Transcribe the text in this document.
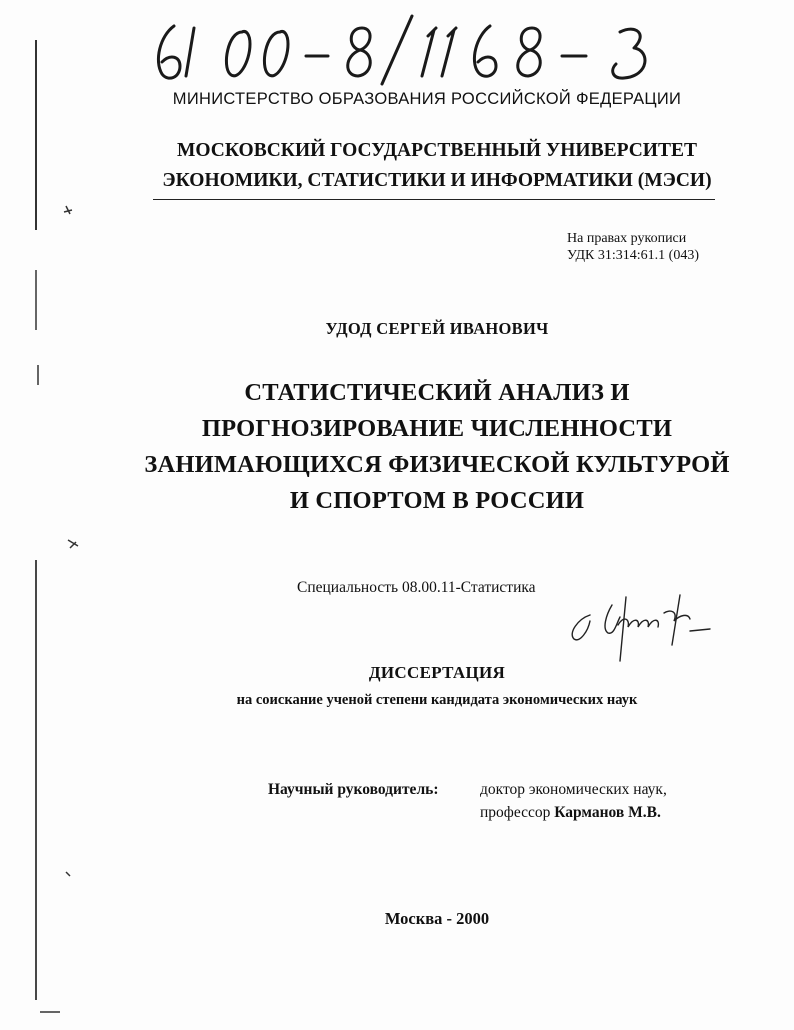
МИНИСТЕРСТВО ОБРАЗОВАНИЯ РОССИЙСКОЙ ФЕДЕРАЦИИ
МОСКОВСКИЙ ГОСУДАРСТВЕННЫЙ УНИВЕРСИТЕТ
ЭКОНОМИКИ, СТАТИСТИКИ И ИНФОРМАТИКИ (МЭСИ)
На правах рукописи
УДК 31:314:61.1 (043)
УДОД СЕРГЕЙ ИВАНОВИЧ
СТАТИСТИЧЕСКИЙ АНАЛИЗ И
ПРОГНОЗИРОВАНИЕ ЧИСЛЕННОСТИ
ЗАНИМАЮЩИХСЯ ФИЗИЧЕСКОЙ КУЛЬТУРОЙ
И СПОРТОМ В РОССИИ
Специальность 08.00.11-Статистика
ДИССЕРТАЦИЯ
на соискание ученой степени кандидата экономических наук
Научный руководитель:	доктор экономических наук,
профессор Карманов М.В.
Москва - 2000
